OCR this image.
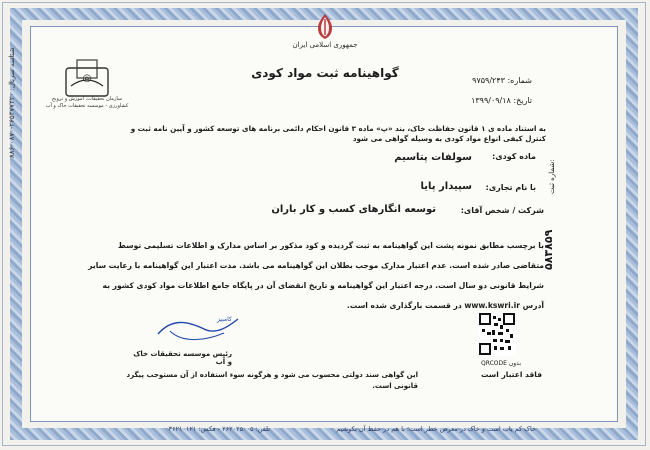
شناسه سریال: ۲۶۵۴۷۷۴۲۰-۰۸۷۰-۸۸۶
جمهوری اسلامی ایران
گواهینامه ثبت مواد کودی
◎
سازمان تحقیقات، آموزش و ترویج کشاورزی - موسسه تحقیقات خاک و آب
شماره: ۹۷۵۹/۲۴۳
تاریخ: ۱۳۹۹/۰۹/۱۸
به استناد ماده ی ۱ قانون حفاظت خاک، بند «پ» ماده ۳ قانون احکام دائمی برنامه های توسعه کشور و آیین نامه ثبت و کنترل کیفی انواع مواد کودی به وسیله گواهی می شود
ماده کودی:
سولفات پتاسیم
با نام تجاری:
سپیدار پایا
شرکت / شخص آقای:
توسعه انگارهای کسب و کار باران
شماره ثبت:
۵۸۳۸۵۹
با برچسب مطابق نمونه پشت این گواهینامه به ثبت گردیده و کود مذکور بر اساس مدارک و اطلاعات تسلیمی توسط متقاضی صادر شده است. عدم اعتبار مدارک موجب بطلان این گواهینامه می باشد. مدت اعتبار این گواهینامه با رعایت سایر شرایط قانونی دو سال است. درجه اعتبار این گواهینامه و تاریخ انقضای آن در پایگاه جامع اطلاعات مواد کودی کشور به آدرس www.kswri.ir در قسمت بارگذاری شده است.
کامبیز
رئیس موسسه تحقیقات خاک و آب	QRCODE بدون
فاقد اعتبار است
این گواهی سند دولتی محسوب می شود و هرگونه سوء استفاده از آن مستوجب پیگرد قانونی است.
تلفن: ۲۶۲۰۲۵۰۰۵ - فکس: ۳۶۲۱۰۱۲۱	خاک کم یاب است و خاک در معرض خطر است؛ با هم در حفظ آن بکوشیم
